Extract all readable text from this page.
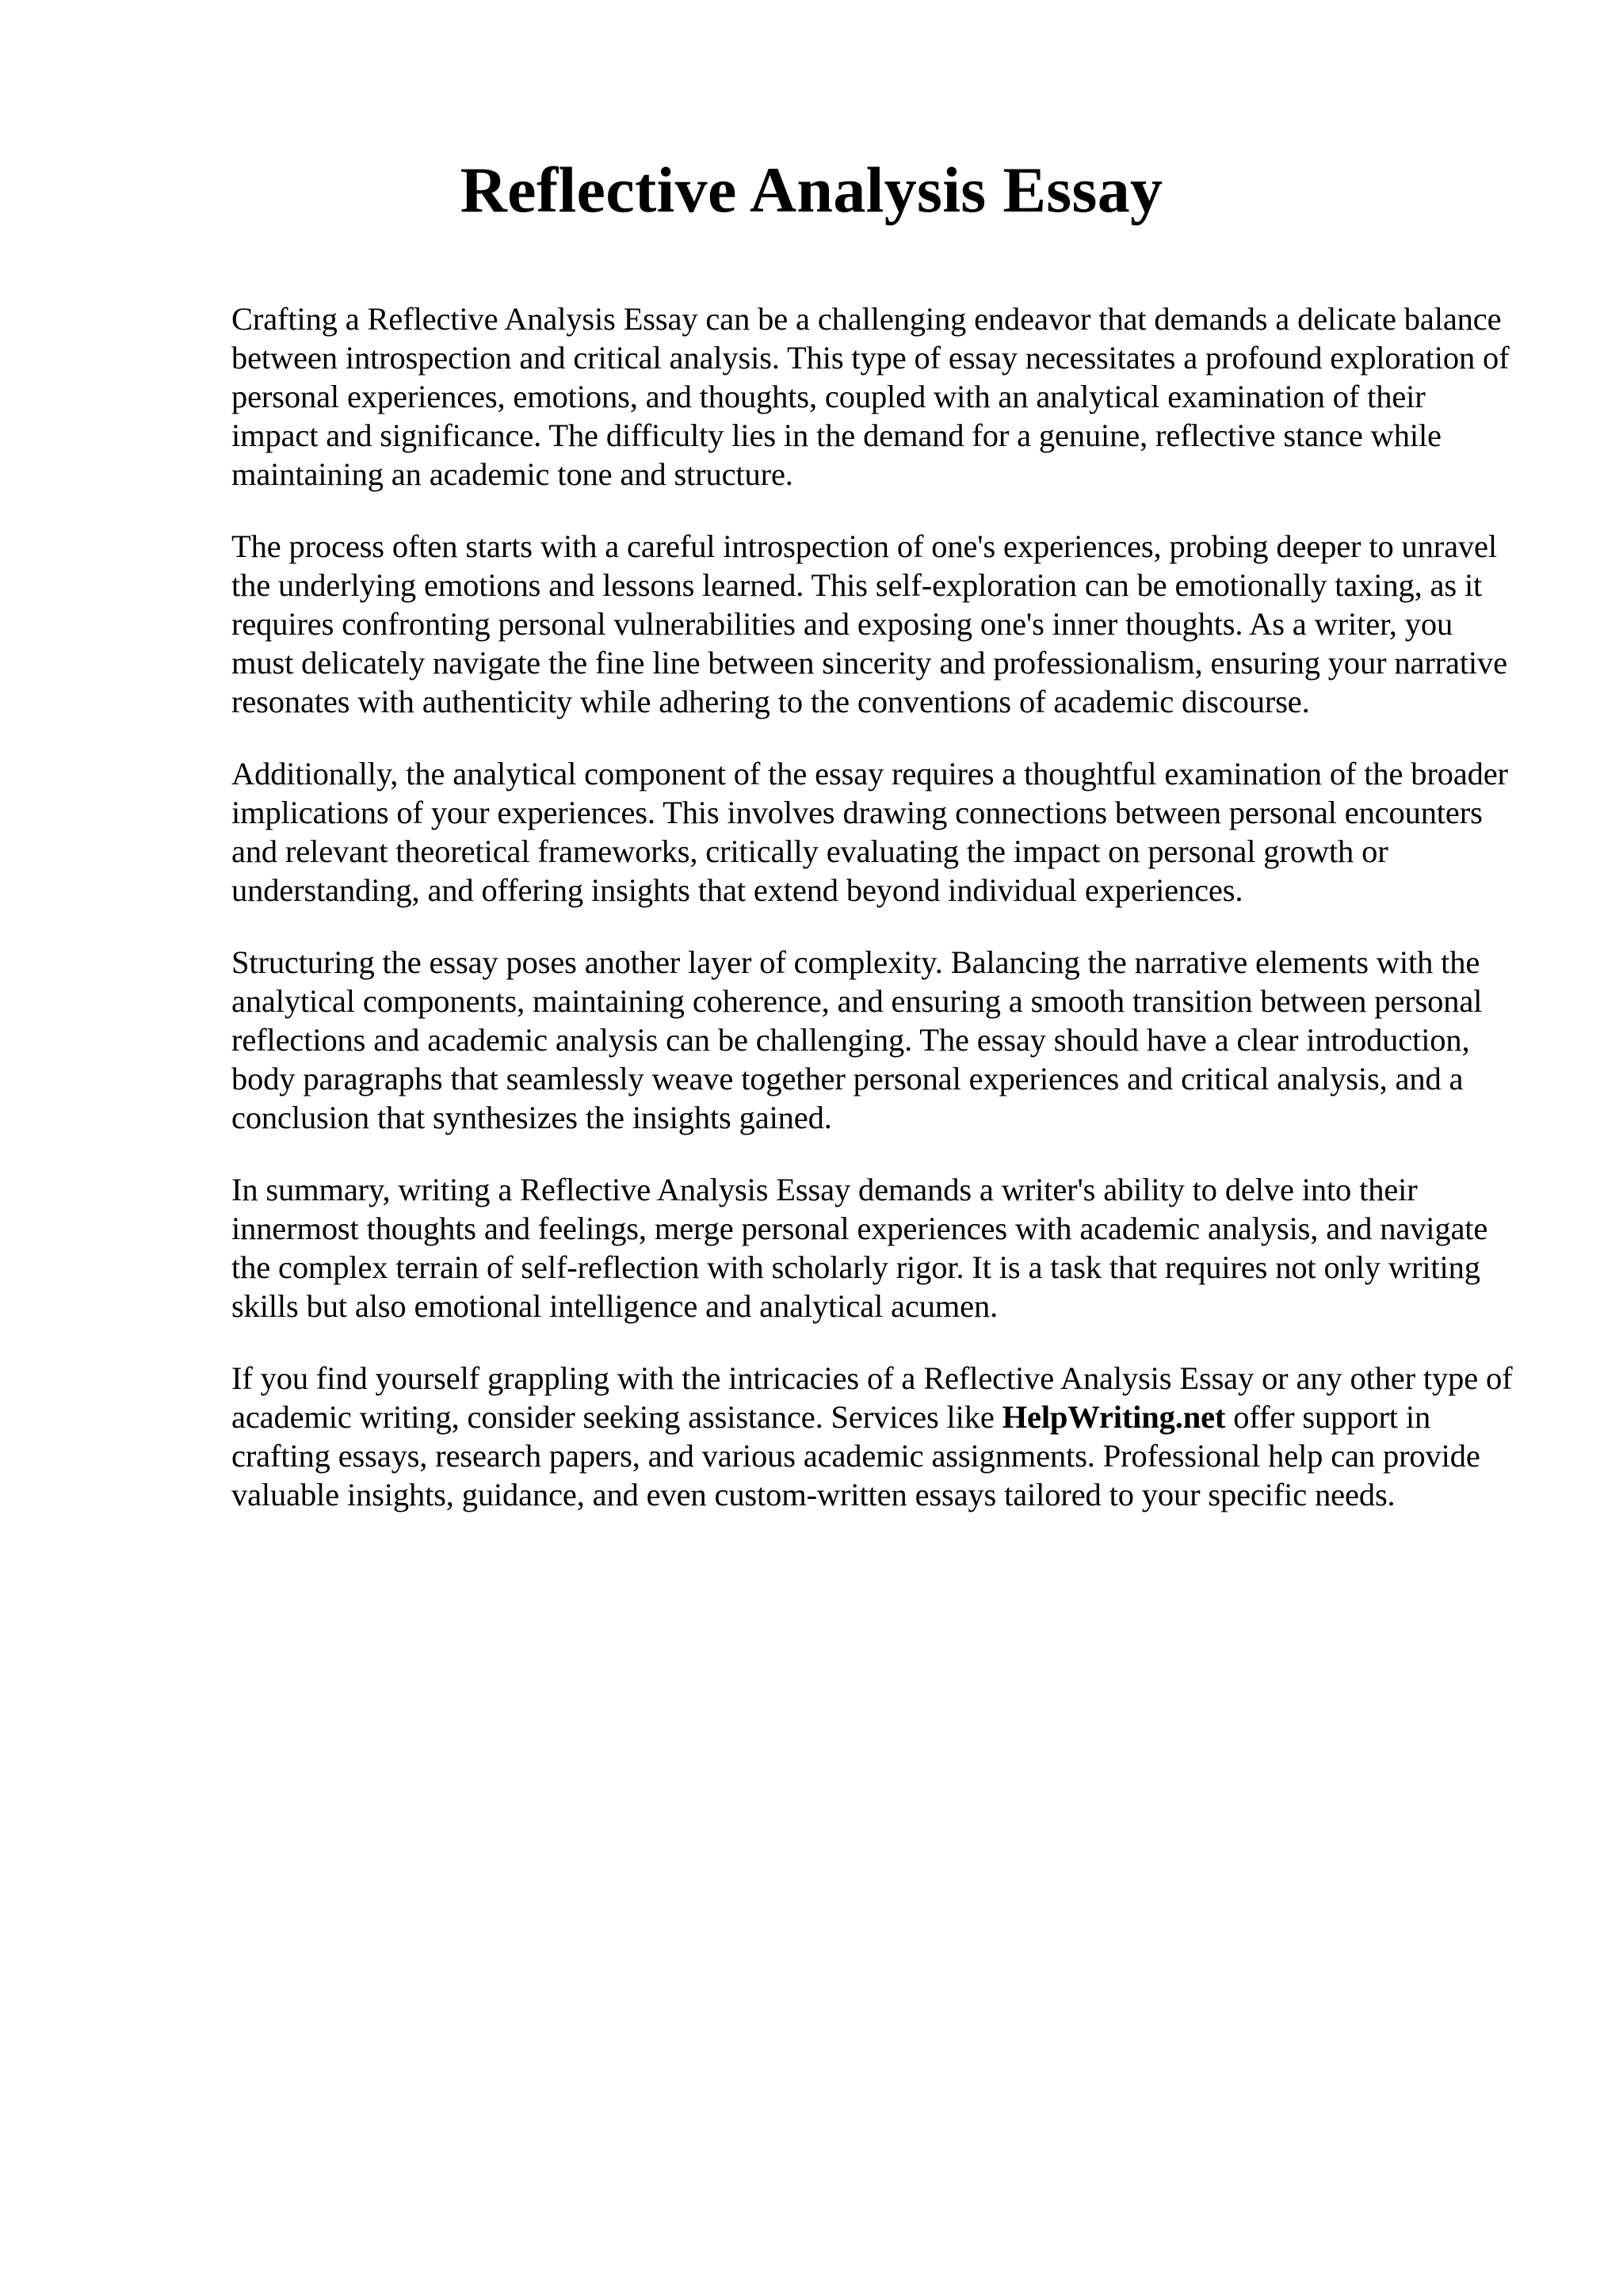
Reflective Analysis Essay

Crafting a Reflective Analysis Essay can be a challenging endeavor that demands a delicate balance between introspection and critical analysis. This type of essay necessitates a profound exploration of personal experiences, emotions, and thoughts, coupled with an analytical examination of their impact and significance. The difficulty lies in the demand for a genuine, reflective stance while maintaining an academic tone and structure.

The process often starts with a careful introspection of one's experiences, probing deeper to unravel the underlying emotions and lessons learned. This self-exploration can be emotionally taxing, as it requires confronting personal vulnerabilities and exposing one's inner thoughts. As a writer, you must delicately navigate the fine line between sincerity and professionalism, ensuring your narrative resonates with authenticity while adhering to the conventions of academic discourse.

Additionally, the analytical component of the essay requires a thoughtful examination of the broader implications of your experiences. This involves drawing connections between personal encounters and relevant theoretical frameworks, critically evaluating the impact on personal growth or understanding, and offering insights that extend beyond individual experiences.

Structuring the essay poses another layer of complexity. Balancing the narrative elements with the analytical components, maintaining coherence, and ensuring a smooth transition between personal reflections and academic analysis can be challenging. The essay should have a clear introduction, body paragraphs that seamlessly weave together personal experiences and critical analysis, and a conclusion that synthesizes the insights gained.

In summary, writing a Reflective Analysis Essay demands a writer's ability to delve into their innermost thoughts and feelings, merge personal experiences with academic analysis, and navigate the complex terrain of self-reflection with scholarly rigor. It is a task that requires not only writing skills but also emotional intelligence and analytical acumen.

If you find yourself grappling with the intricacies of a Reflective Analysis Essay or any other type of academic writing, consider seeking assistance. Services like HelpWriting.net offer support in crafting essays, research papers, and various academic assignments. Professional help can provide valuable insights, guidance, and even custom-written essays tailored to your specific needs.
